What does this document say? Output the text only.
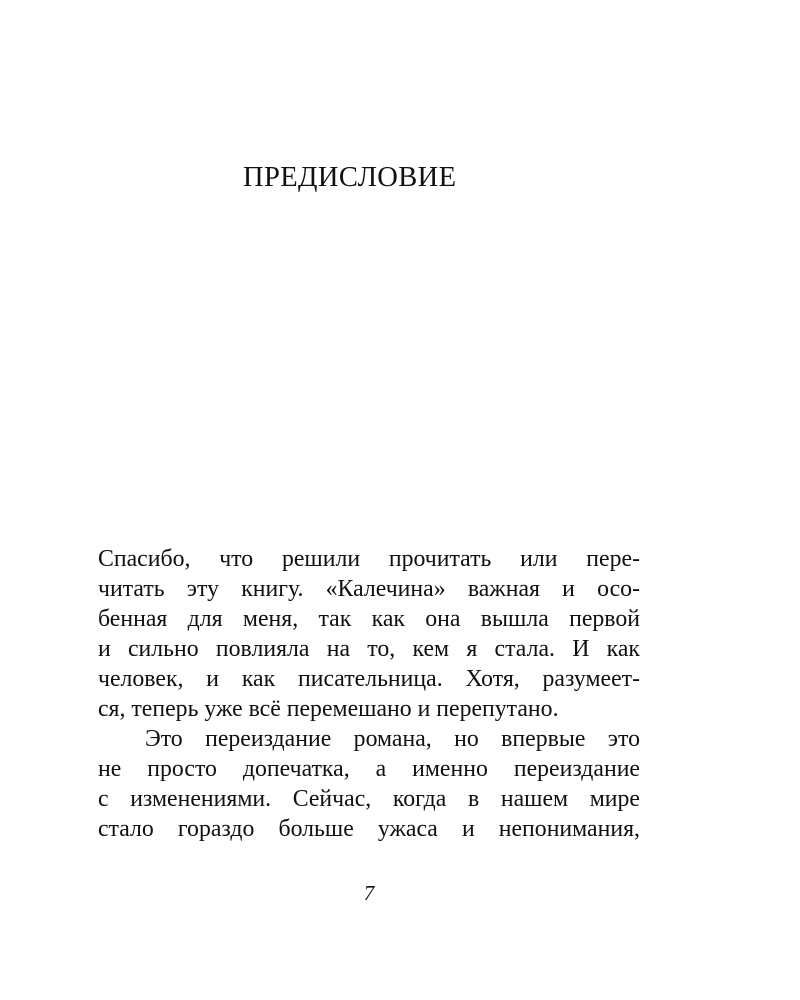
ПРЕДИСЛОВИЕ
Спасибо, что решили прочитать или пере-
читать эту книгу. «Калечина» важная и осо-
бенная для меня, так как она вышла первой
и сильно повлияла на то, кем я стала. И как
человек, и как писательница. Хотя, разумеет-
ся, теперь уже всё перемешано и перепутано.
Это переиздание романа, но впервые это
не просто допечатка, а именно переиздание
с изменениями. Сейчас, когда в нашем мире
стало гораздо больше ужаса и непонимания,
7
